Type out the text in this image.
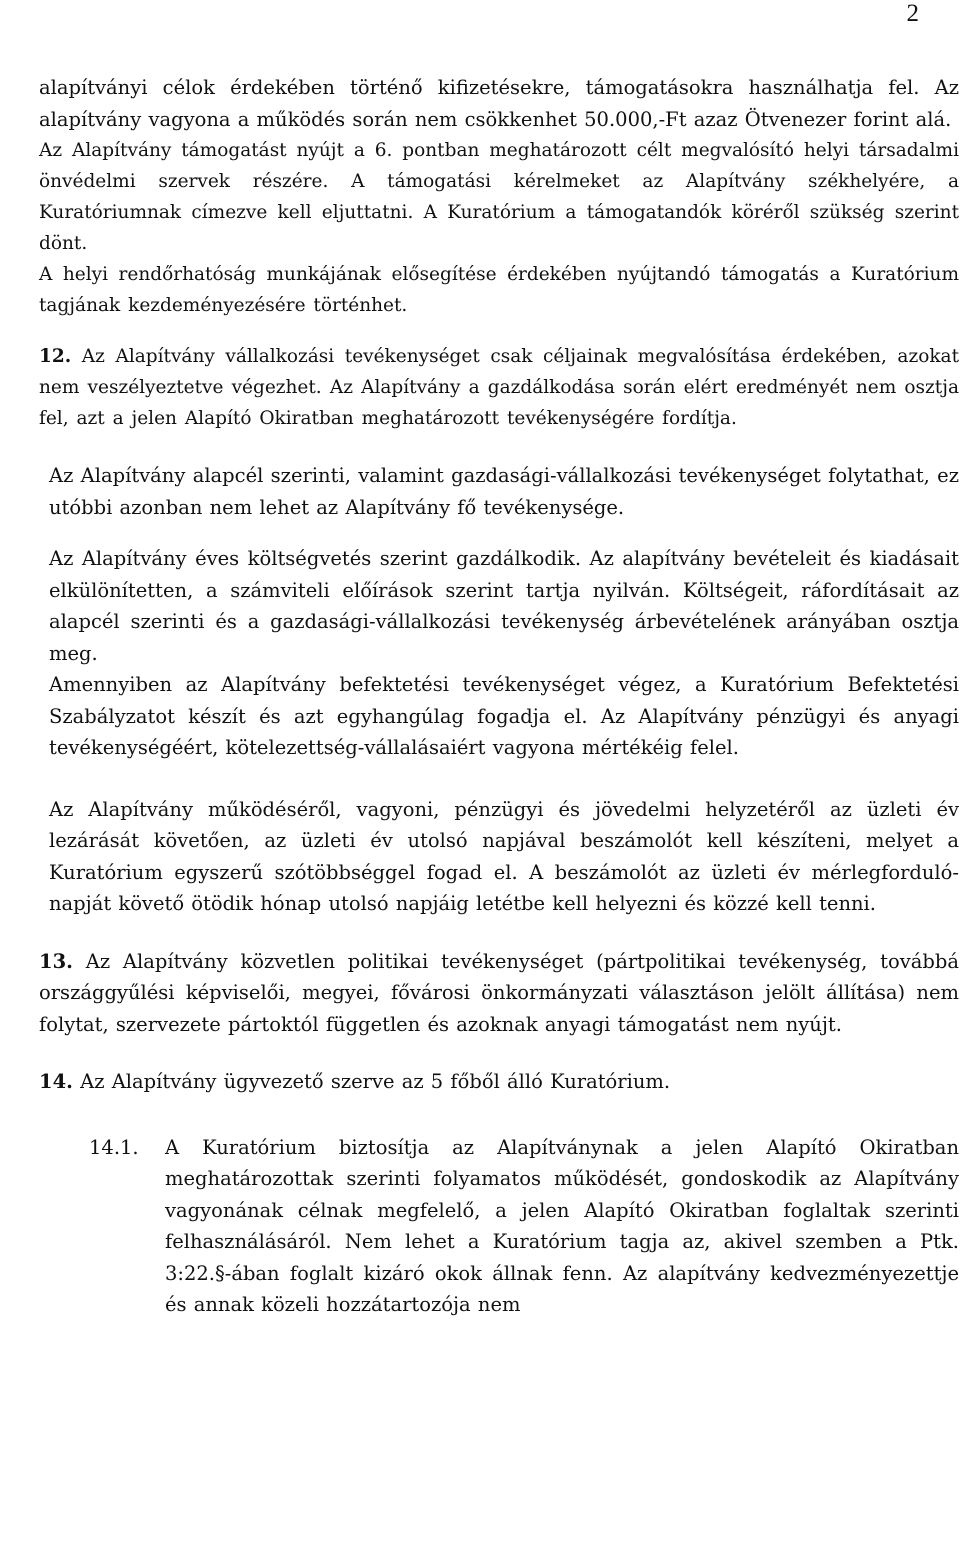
2

alapítványi célok érdekében történő kifizetésekre, támogatásokra használhatja fel. Az alapítvány vagyona a működés során nem csökkenhet 50.000,-Ft azaz Ötvenezer forint alá.

Az Alapítvány támogatást nyújt a 6. pontban meghatározott célt megvalósító helyi társadalmi önvédelmi szervek részére. A támogatási kérelmeket az Alapítvány székhelyére, a Kuratóriumnak címezve kell eljuttatni. A Kuratórium a támogatandók köréről szükség szerint dönt.

A helyi rendőrhatóság munkájának elősegítése érdekében nyújtandó támogatás a Kuratórium tagjának kezdeményezésére történhet.

12. Az Alapítvány vállalkozási tevékenységet csak céljainak megvalósítása érdekében, azokat nem veszélyeztetve végezhet. Az Alapítvány a gazdálkodása során elért eredményét nem osztja fel, azt a jelen Alapító Okiratban meghatározott tevékenységére fordítja.

Az Alapítvány alapcél szerinti, valamint gazdasági-vállalkozási tevékenységet folytathat, ez utóbbi azonban nem lehet az Alapítvány fő tevékenysége.

Az Alapítvány éves költségvetés szerint gazdálkodik. Az alapítvány bevételeit és kiadásait elkülönítetten, a számviteli előírások szerint tartja nyilván. Költségeit, ráfordításait az alapcél szerinti és a gazdasági-vállalkozási tevékenység árbevételének arányában osztja meg.

Amennyiben az Alapítvány befektetési tevékenységet végez, a Kuratórium Befektetési Szabályzatot készít és azt egyhangúlag fogadja el. Az Alapítvány pénzügyi és anyagi tevékenységéért, kötelezettség-vállalásaiért vagyona mértékéig felel.

Az Alapítvány működéséről, vagyoni, pénzügyi és jövedelmi helyzetéről az üzleti év lezárását követően, az üzleti év utolsó napjával beszámolót kell készíteni, melyet a Kuratórium egyszerű szótöbbséggel fogad el. A beszámolót az üzleti év mérlegforduló-napját követő ötödik hónap utolsó napjáig letétbe kell helyezni és közzé kell tenni.

13. Az Alapítvány közvetlen politikai tevékenységet (pártpolitikai tevékenység, továbbá országgyűlési képviselői, megyei, fővárosi önkormányzati választáson jelölt állítása) nem folytat, szervezete pártoktól független és azoknak anyagi támogatást nem nyújt.

14. Az Alapítvány ügyvezető szerve az 5 főből álló Kuratórium.

14.1.	A Kuratórium biztosítja az Alapítványnak a jelen Alapító Okiratban meghatározottak szerinti folyamatos működését, gondoskodik az Alapítvány vagyonának célnak megfelelő, a jelen Alapító Okiratban foglaltak szerinti felhasználásáról. Nem lehet a Kuratórium tagja az, akivel szemben a Ptk. 3:22.§-ában foglalt kizáró okok állnak fenn. Az alapítvány kedvezményezettje és annak közeli hozzátartozója nem
